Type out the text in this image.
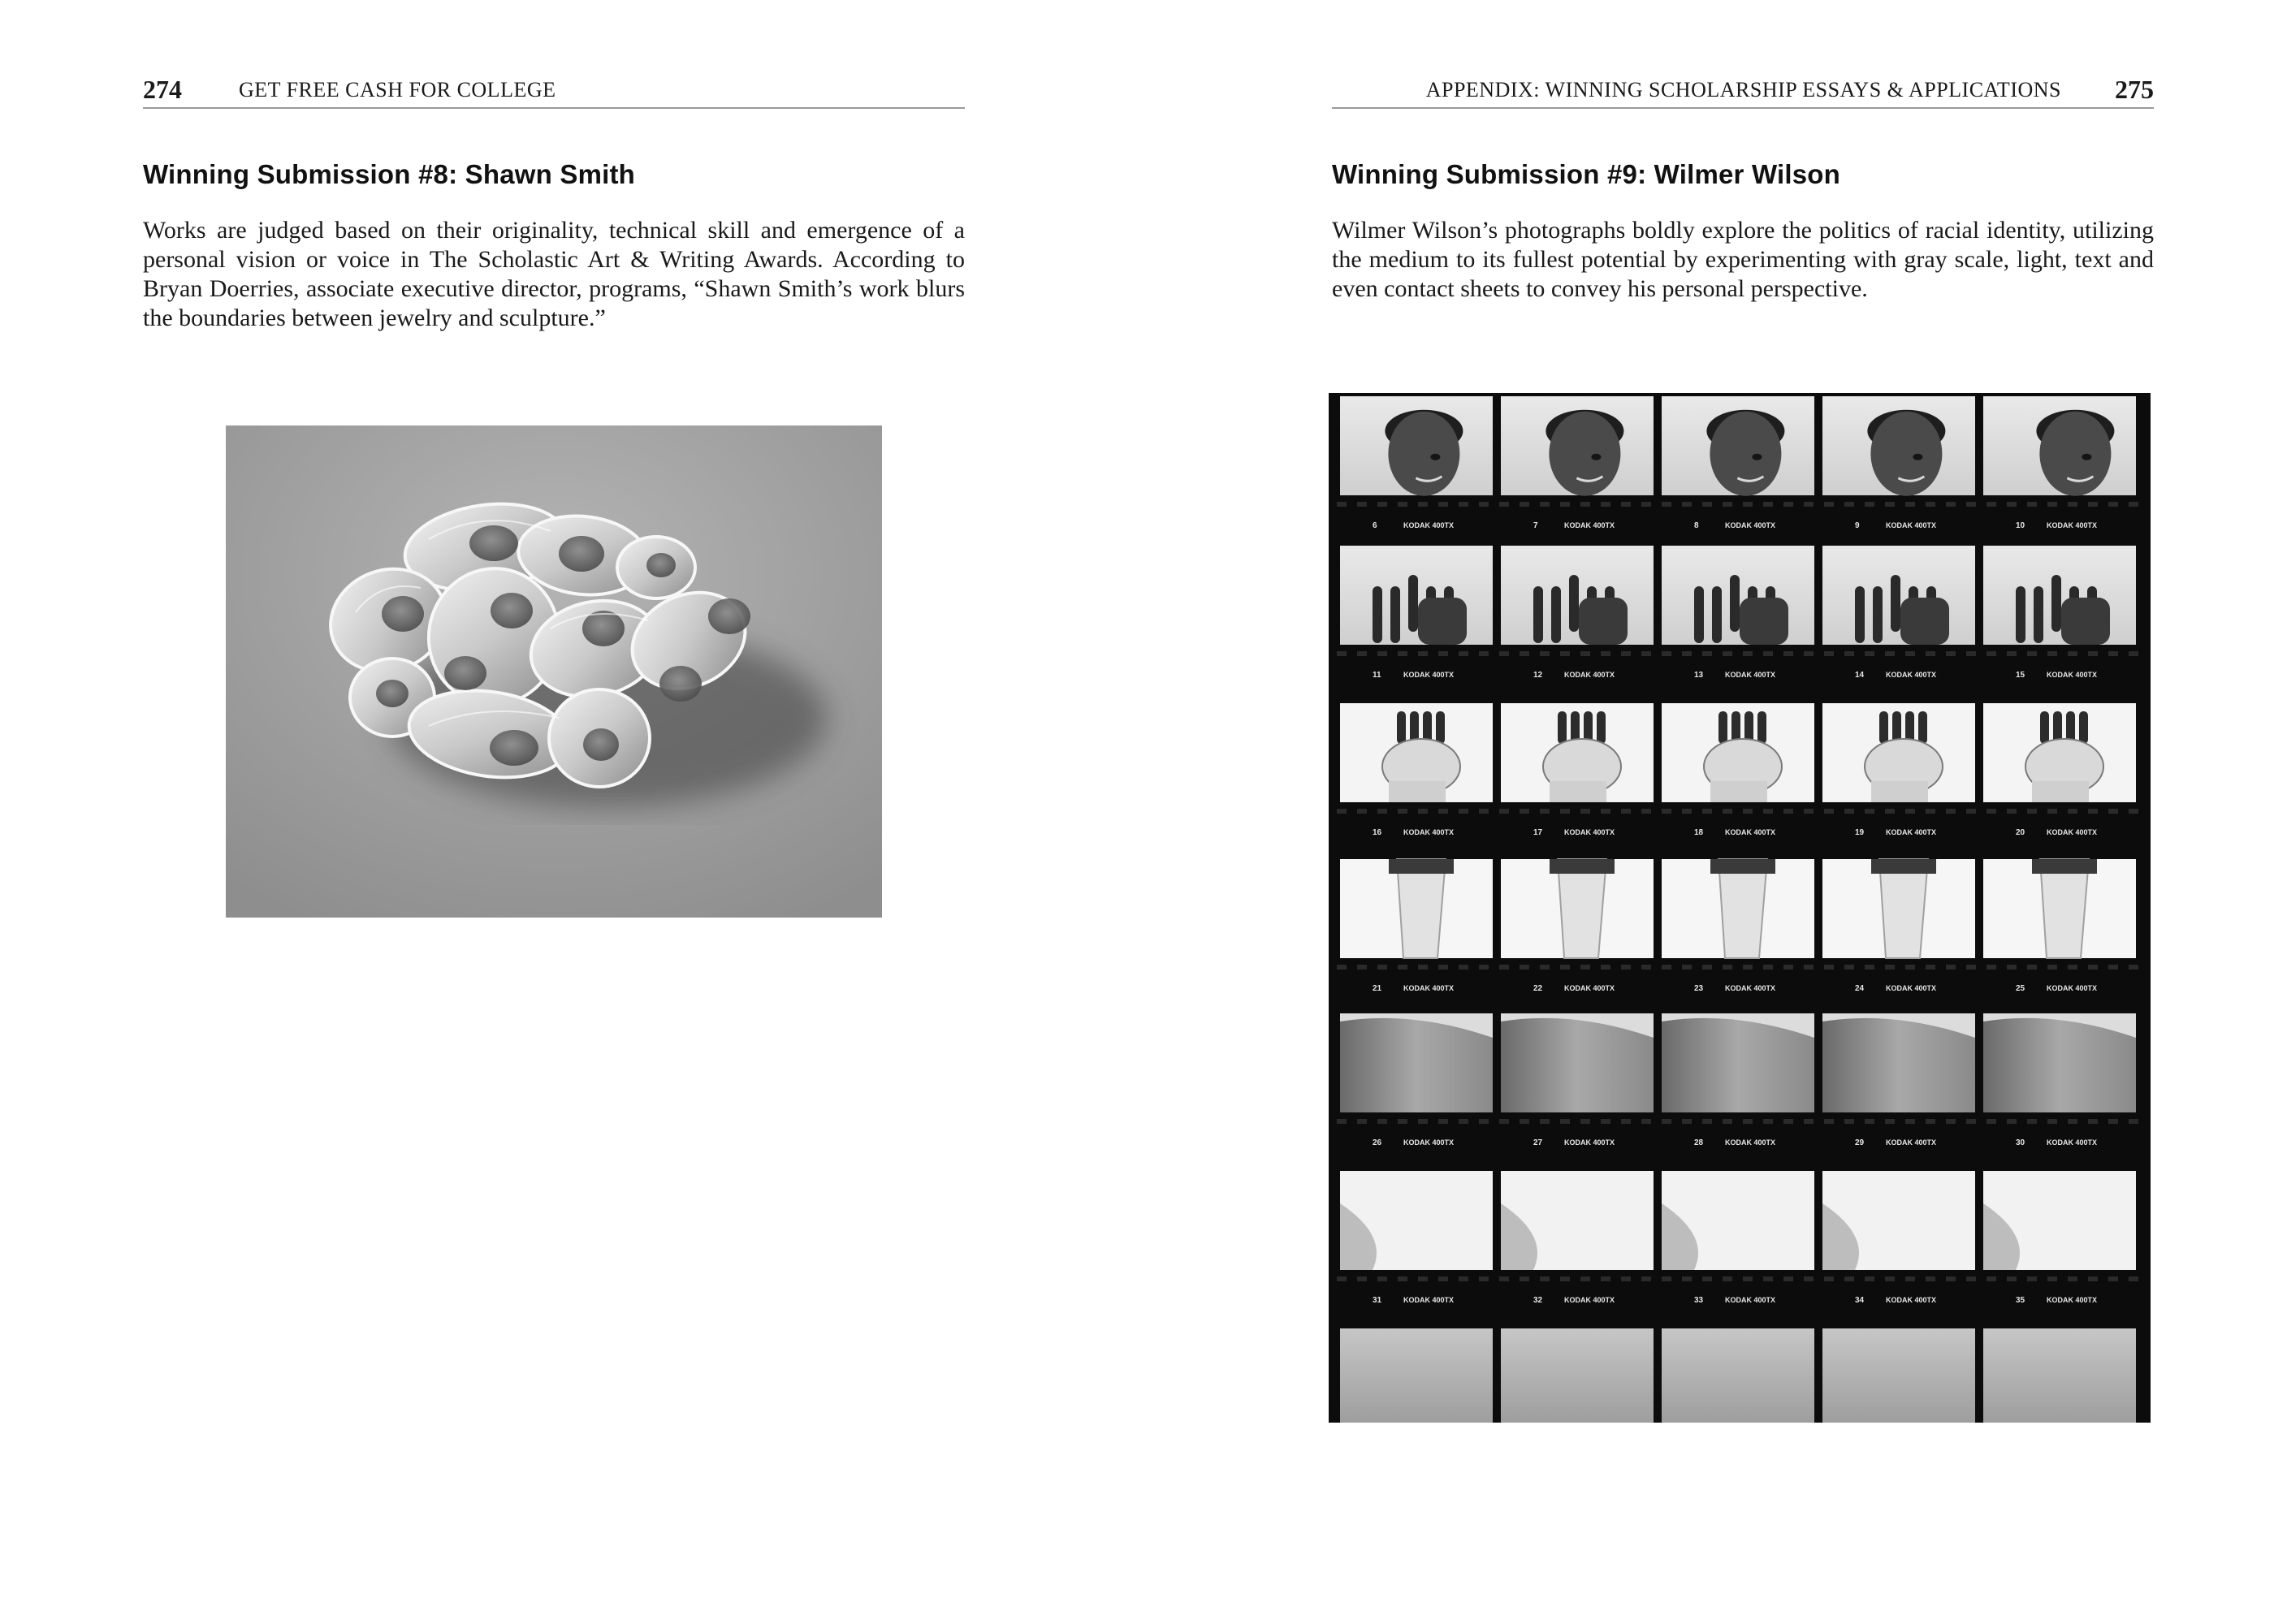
274	GET FREE CASH FOR COLLEGE
Winning Submission #8: Shawn Smith

Works are judged based on their originality, technical skill and emergence of a personal vision or voice in The Scholastic Art & Writing Awards. According to Bryan Doerries, associate executive director, programs, “Shawn Smith’s work blurs the boundaries between jewelry and sculpture.”

APPENDIX: WINNING SCHOLARSHIP ESSAYS & APPLICATIONS 275
Winning Submission #9: Wilmer Wilson

Wilmer Wilson’s photographs boldly explore the politics of racial identity, utilizing the medium to its fullest potential by experimenting with gray scale, light, text and even contact sheets to convey his personal perspective.

6	KODAK 400TX	7	KODAK 400TX	8	KODAK 400TX	9	KODAK 400TX	10	KODAK 400TX
11	KODAK 400TX	12	KODAK 400TX	13	KODAK 400TX	14	KODAK 400TX	15	KODAK 400TX
16	KODAK 400TX	17	KODAK 400TX	18	KODAK 400TX	19	KODAK 400TX	20	KODAK 400TX
21	KODAK 400TX	22	KODAK 400TX	23	KODAK 400TX	24	KODAK 400TX	25	KODAK 400TX
26	KODAK 400TX	27	KODAK 400TX	28	KODAK 400TX	29	KODAK 400TX	30	KODAK 400TX
31	KODAK 400TX	32	KODAK 400TX	33	KODAK 400TX	34	KODAK 400TX	35	KODAK 400TX
